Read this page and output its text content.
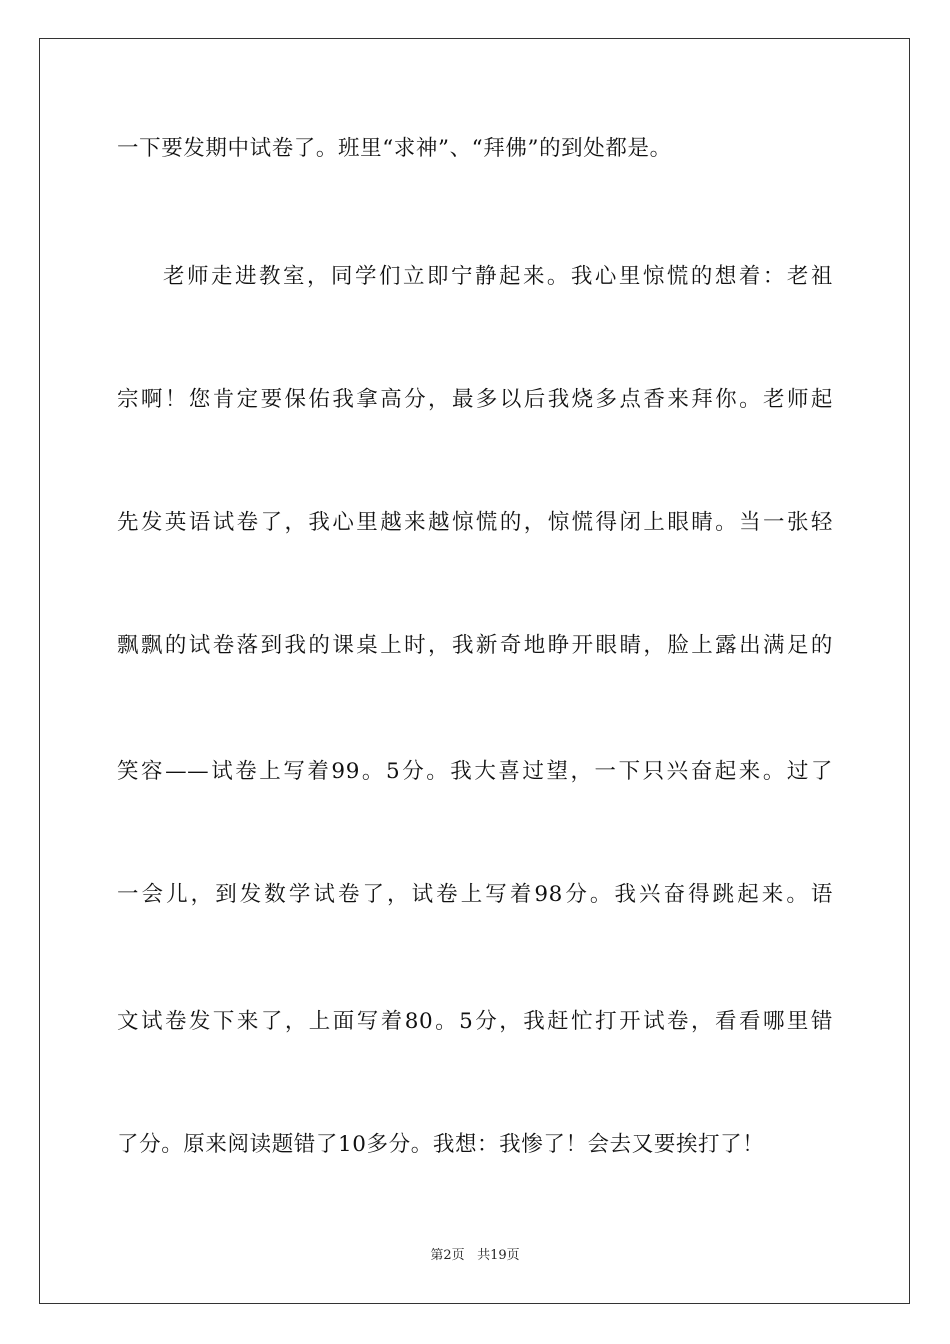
一下要发期中试卷了。班里“求神”、“拜佛”的到处都是。
老师走进教室，同学们立即宁静起来。我心里惊慌的想着：老祖
宗啊！您肯定要保佑我拿高分，最多以后我烧多点香来拜你。老师起
先发英语试卷了，我心里越来越惊慌的，惊慌得闭上眼睛。当一张轻
飘飘的试卷落到我的课桌上时，我新奇地睁开眼睛，脸上露出满足的
笑容——试卷上写着99。5分。我大喜过望，一下只兴奋起来。过了
一会儿，到发数学试卷了，试卷上写着98分。我兴奋得跳起来。语
文试卷发下来了，上面写着80。5分，我赶忙打开试卷，看看哪里错
了分。原来阅读题错了10多分。我想：我惨了！会去又要挨打了！
第2页 共19页
